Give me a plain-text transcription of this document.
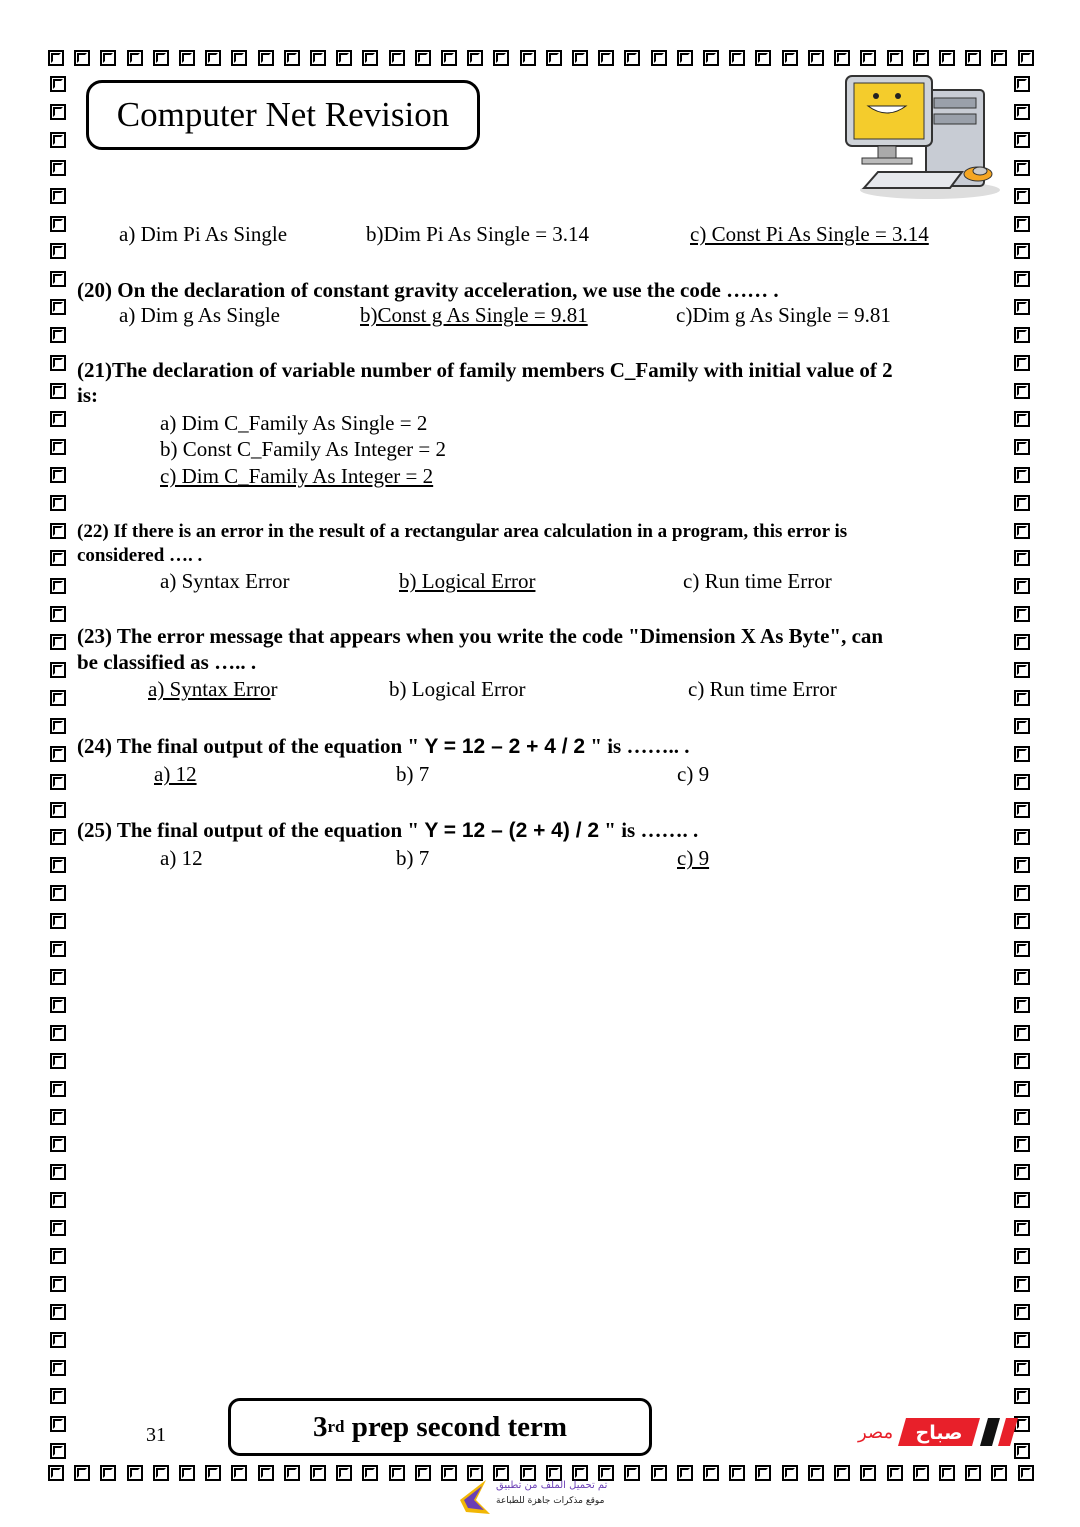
Computer Net Revision
a) Dim Pi As Single	b)Dim Pi As Single = 3.14	c) Const Pi As Single = 3.14
(20) On the declaration of constant gravity acceleration, we use the code …… .
a) Dim g As Single	b)Const g As Single = 9.81	c)Dim g As Single = 9.81
(21)The declaration of variable number of family members C_Family with initial value of 2
is:
a) Dim C_Family As Single = 2
b) Const C_Family As Integer = 2
c) Dim C_Family As Integer = 2
(22) If there is an error in the result of a rectangular area calculation in a program, this error is
considered …. .
a) Syntax Error	b) Logical Error	c) Run time Error
(23) The error message that appears when you write the code "Dimension X As Byte", can
be classified as ….. .
a) Syntax Error	b) Logical Error	c) Run time Error
(24) The final output of the equation " Y = 12 – 2 + 4 / 2 " is …….. .
a) 12	b) 7	c) 9
(25) The final output of the equation " Y = 12 – (2 + 4) / 2 " is ……. .
a) 12	b) 7	c) 9
31	3 rd prep second term	مصر صباح
تم تحميل الملف من تطبيق
موقع مذكرات جاهزة للطباعة
